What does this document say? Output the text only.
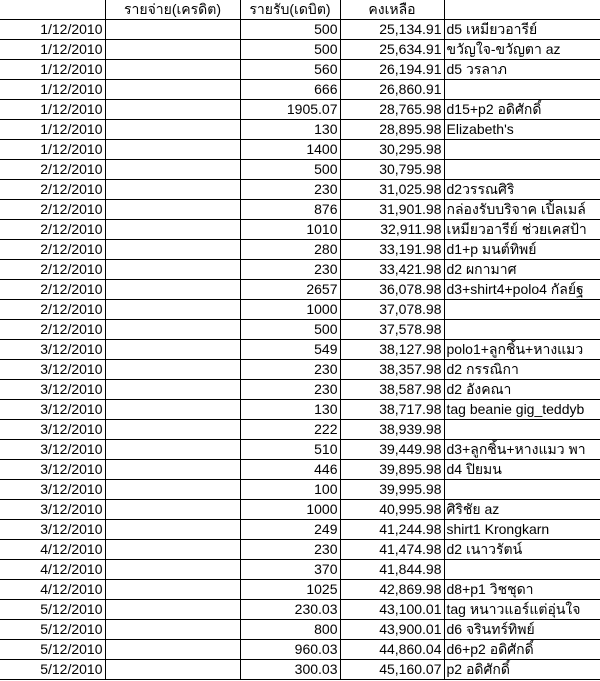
	รายจ่าย(เครดิต)	รายรับ(เดบิต)	คงเหลือ	
1/12/2010		500	25,134.91	d5 เหมียวอารีย์
1/12/2010		500	25,634.91	ขวัญใจ-ขวัญตา az
1/12/2010		560	26,194.91	d5 วรลาภ
1/12/2010		666	26,860.91	
1/12/2010		1905.07	28,765.98	d15+p2 อดิศักดิ์
1/12/2010		130	28,895.98	Elizabeth's
1/12/2010		1400	30,295.98	
2/12/2010		500	30,795.98	
2/12/2010		230	31,025.98	d2วรรณศิริ
2/12/2010		876	31,901.98	กล่องรับบริจาค เปิ้ลเมล์
2/12/2010		1010	32,911.98	เหมียวอารีย์ ช่วยเคสป้า
2/12/2010		280	33,191.98	d1+p มนต์ทิพย์
2/12/2010		230	33,421.98	d2 ผกามาศ
2/12/2010		2657	36,078.98	d3+shirt4+polo4 กัลย์ฐ
2/12/2010		1000	37,078.98	
2/12/2010		500	37,578.98	
3/12/2010		549	38,127.98	polo1+ลูกชิ้น+หางแมว
3/12/2010		230	38,357.98	d2 กรรณิกา
3/12/2010		230	38,587.98	d2 อังคณา
3/12/2010		130	38,717.98	tag beanie gig_teddyb
3/12/2010		222	38,939.98	
3/12/2010		510	39,449.98	d3+ลูกชิ้น+หางแมว พา
3/12/2010		446	39,895.98	d4 ปิยมน
3/12/2010		100	39,995.98	
3/12/2010		1000	40,995.98	ศิริชัย az
3/12/2010		249	41,244.98	shirt1 Krongkarn
4/12/2010		230	41,474.98	d2 เนาวรัตน์
4/12/2010		370	41,844.98	
4/12/2010		1025	42,869.98	d8+p1 วิชชุดา
5/12/2010		230.03	43,100.01	tag หนาวแอร์แต่อุ่นใจ
5/12/2010		800	43,900.01	d6 จรินทร์ทิพย์
5/12/2010		960.03	44,860.04	d6+p2 อดิศักดิ์
5/12/2010		300.03	45,160.07	p2 อดิศักดิ์
